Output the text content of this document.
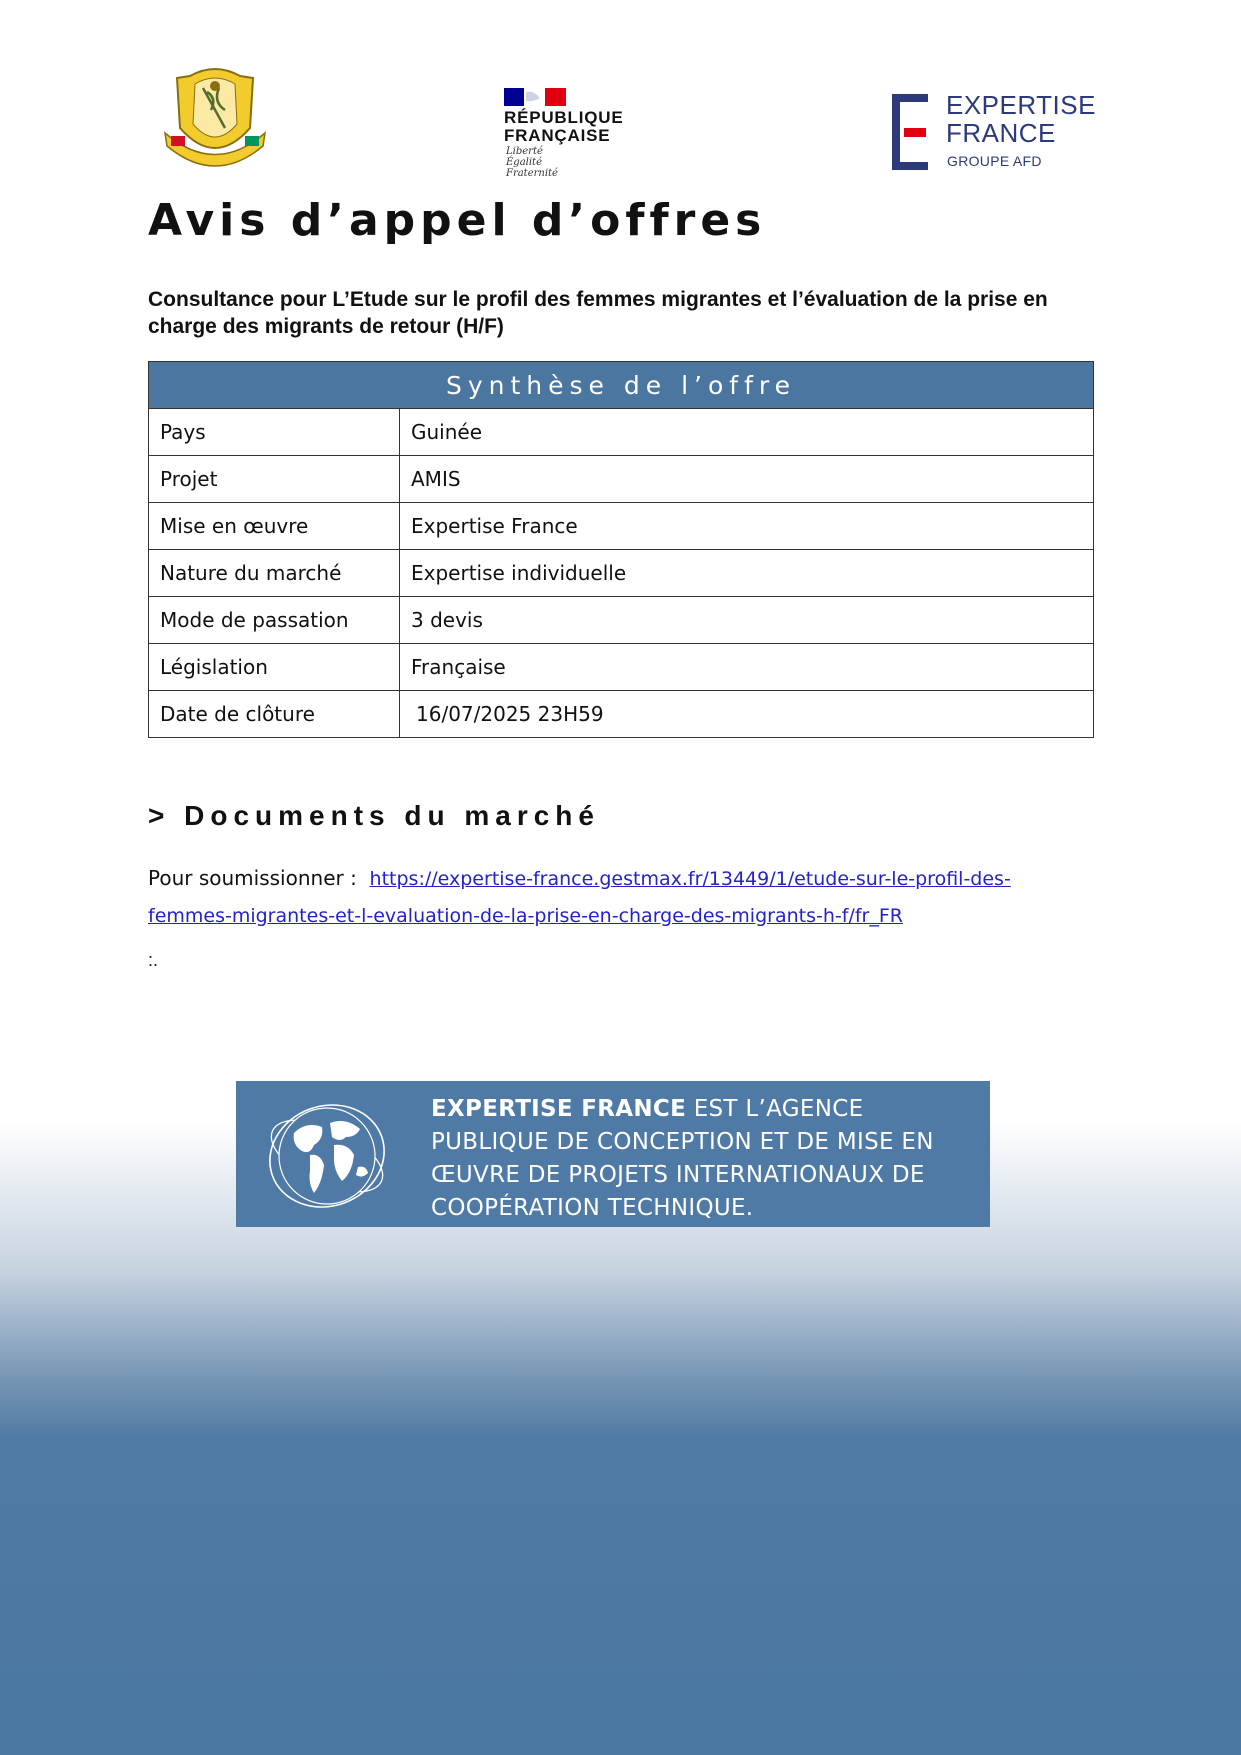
RÉPUBLIQUE
FRANÇAISE
Liberté
Égalité
Fraternité
EXPERTISE
FRANCE
GROUPE AFD
Avis d’appel d’offres
Consultance pour L’Etude sur le profil des femmes migrantes et l’évaluation de la prise en charge des migrants de retour (H/F)
Synthèse de l’offre	
Pays	Guinée
Projet	AMIS
Mise en œuvre	Expertise France
Nature du marché	Expertise individuelle
Mode de passation	3 devis
Législation	Française
Date de clôture	16/07/2025 23H59
> Documents du marché
Pour soumissionner : https://expertise-france.gestmax.fr/13449/1/etude-sur-le-profil-des-femmes-migrantes-et-l-evaluation-de-la-prise-en-charge-des-migrants-h-f/fr_FR
:.
EXPERTISE FRANCE EST L’AGENCE PUBLIQUE DE CONCEPTION ET DE MISE EN ŒUVRE DE PROJETS INTERNATIONAUX DE COOPÉRATION TECHNIQUE.
